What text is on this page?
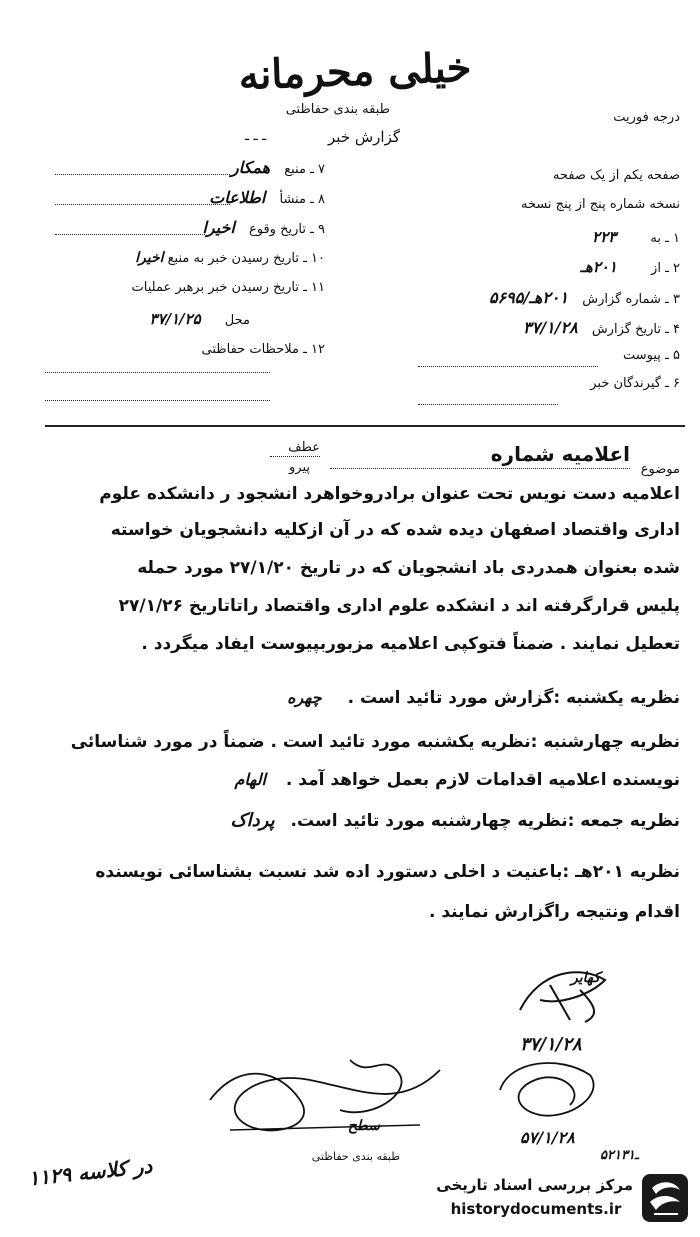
خیلی محرمانه
طبقه بندی حفاظتی
درجه فوریت
گزارش خبر
ـ ـ ـ
۷ ـ منبع همکار
۸ ـ منشأ اطلاعات
۹ ـ تاریخ وقوع اخیرا
۱۰ ـ تاریخ رسیدن خبر به منبع اخیرا
۱۱ ـ تاریخ رسیدن خبر برهبر عملیات
محل ۳۷/۱/۲۵
۱۲ ـ ملاحظات حفاظتی
صفحه یکم از یک صفحه
نسخه شماره پنج از پنج نسخه
۱ ـ به ۲۲۳
۲ ـ از ۲۰۱هـ
۳ ـ شماره گزارش ۲۰۱هـ/۵۶۹۵
۴ ـ تاریخ گزارش ۳۷/۱/۲۸
۵ ـ پیوست
۶ ـ گیرندگان خبر
عطف
پیرو
اعلامیه شماره
موضوع
اعلامیه دست نویس تحت عنوان برادروخواهرد انشجود ر دانشکده علوم
اداری واقتصاد اصفهان دیده شده که در آن ازکلیه دانشجویان خواسته
شده بعنوان همدردی باد انشجویان که در تاریخ ۲۷/۱/۲۰ مورد حمله
پلیس قرارگرفته اند د انشکده علوم اداری واقتصاد راتاتاریخ ۲۷/۱/۲۶
تعطیل نمایند . ضمناً فتوکپی اعلامیه مزبوربپیوست ایفاد میگردد .
نظریه یکشنبه :گزارش مورد تائید است . چهره
نظریه چهارشنبه :نظریه یکشنبه مورد تائید است . ضمناً در مورد شناسائی
نویسنده اعلامیه اقدامات لازم بعمل خواهد آمد . الهام
نظریه جمعه :نظریه چهارشنبه مورد تائید است. پرداک
نظریه ۲۰۱هـ :باعنیت د اخلی دستورد اده شد نسبت بشناسائی نویسنده
اقدام ونتیجه راگزارش نمایند .
کهایر
۳۷/۱/۲۸
۵۷/۱/۲۸
۵۲ـ۱۳۱
سطح
طبقه بندی حفاظتی
۱۱۲۹ در کلاسه	مرکز بررسی اسناد تاریخی
historydocuments.ir
